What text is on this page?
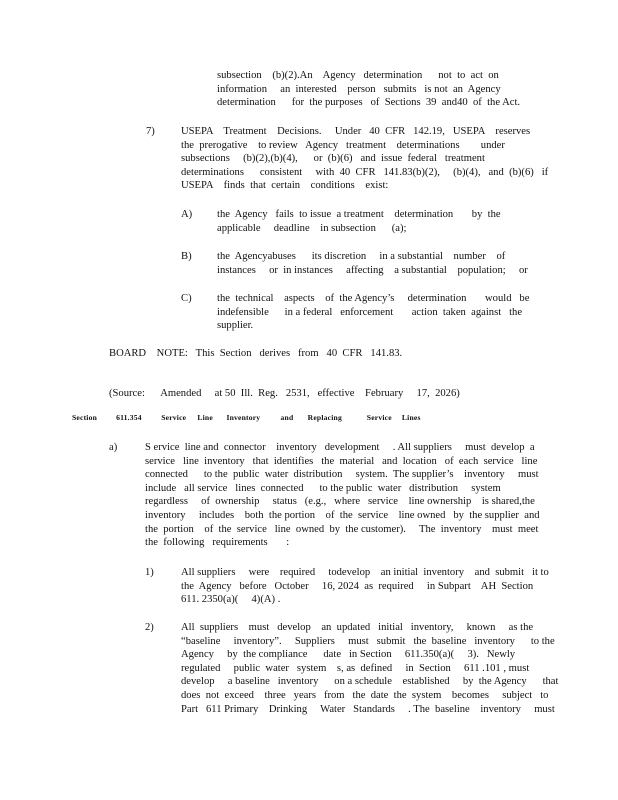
subsection    (b)(2).An    Agency   determination      not  to  act  on
information     an  interested    person   submits   is not  an  Agency
determination      for  the purposes   of  Sections  39  and40  of  the Act.
7) USEPA    Treatment    Decisions.     Under   40  CFR   142.19,   USEPA    reserves
the  prerogative    to review   Agency   treatment    determinations        under
subsections     (b)(2),(b)(4),      or  (b)(6)   and  issue  federal   treatment
determinations      consistent     with  40  CFR   141.83(b)(2),     (b)(4),   and  (b)(6)   if
USEPA    finds  that  certain    conditions    exist:
A) the  Agency   fails  to issue  a treatment    determination       by  the
applicable     deadline    in subsection      (a);
B) the  Agencyabuses      its discretion     in a substantial    number    of
instances     or  in instances     affecting    a substantial    population;     or
C) the  technical    aspects    of  the Agency’s     determination       would   be
indefensible      in a federal   enforcement       action  taken  against   the
supplier.
BOARD    NOTE:   This  Section   derives   from   40  CFR   141.83.
(Source:      Amended     at 50  Ill.  Reg.   2531,   effective    February     17,  2026)
Section	611.354	Service Line Inventory	and Replacing	Service Lines
a)	S ervice  line and  connector    inventory   development     . All suppliers     must  develop  a
service   line  inventory   that  identifies   the  material   and  location   of  each  service   line
connected      to the  public  water  distribution     system.  The supplier’s    inventory     must
include   all service   lines  connected      to the public  water   distribution     system
regardless     of  ownership     status   (e.g.,   where   service    line ownership    is shared,the
inventory     includes    both  the portion    of  the  service    line owned   by  the supplier  and
the  portion    of  the  service   line  owned  by  the customer).     The  inventory    must  meet
the  following   requirements       :
1)	All suppliers     were    required     todevelop    an initial  inventory    and  submit   it to
the  Agency   before   October     16, 2024  as  required     in Subpart    AH  Section
611. 2350(a)(     4)(A) .
2)	All  suppliers    must   develop    an  updated   initial   inventory,     known     as the
“baseline     inventory”.     Suppliers     must   submit   the  baseline   inventory      to the
Agency     by  the compliance      date   in Section     611.350(a)(     3).   Newly
regulated     public  water   system    s, as  defined     in  Section     611 .101 , must
develop     a baseline   inventory      on a schedule    established     by  the Agency      that
does  not  exceed    three   years   from   the  date  the  system    becomes     subject   to
Part   611 Primary    Drinking     Water   Standards     . The  baseline    inventory     must
